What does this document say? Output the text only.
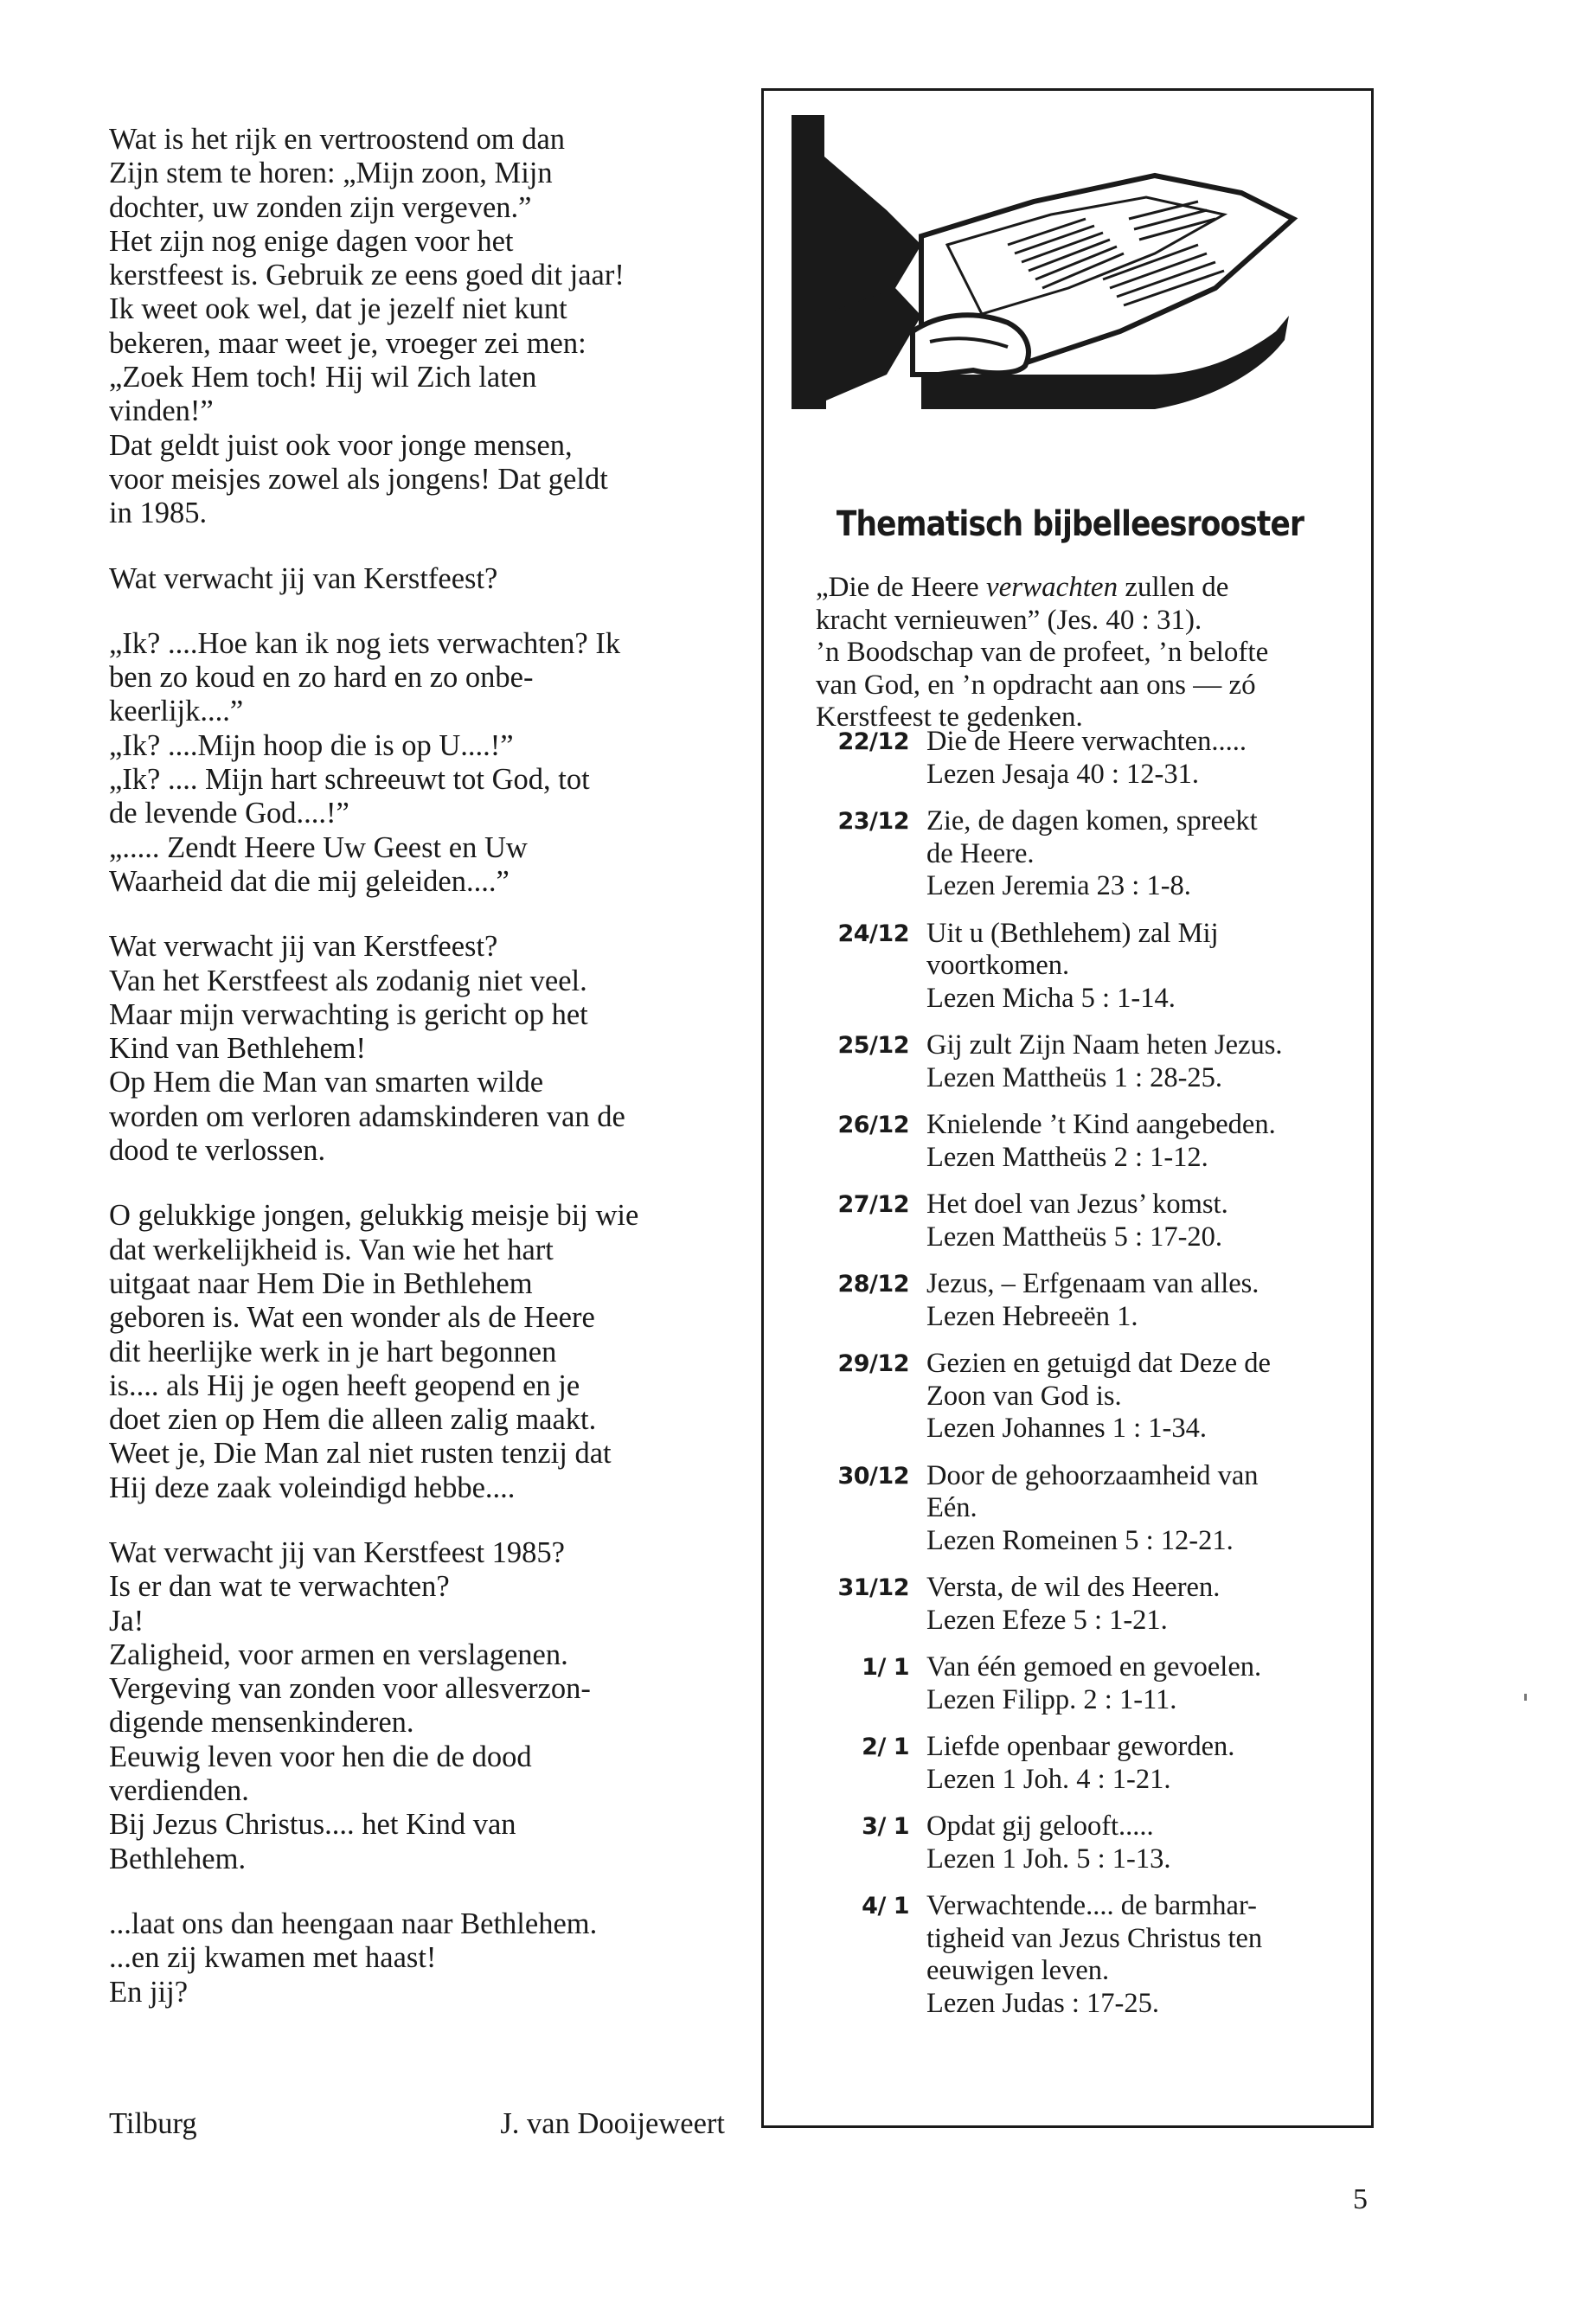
Wat is het rijk en vertroostend om dan
Zijn stem te horen: „Mijn zoon, Mijn
dochter, uw zonden zijn vergeven.”
Het zijn nog enige dagen voor het
kerstfeest is. Gebruik ze eens goed dit jaar!
Ik weet ook wel, dat je jezelf niet kunt
bekeren, maar weet je, vroeger zei men:
„Zoek Hem toch! Hij wil Zich laten
vinden!”
Dat geldt juist ook voor jonge mensen,
voor meisjes zowel als jongens! Dat geldt
in 1985.
Wat verwacht jij van Kerstfeest?
„Ik? ....Hoe kan ik nog iets verwachten? Ik
ben zo koud en zo hard en zo onbe-
keerlijk....”
„Ik? ....Mijn hoop die is op U....!”
„Ik? .... Mijn hart schreeuwt tot God, tot
de levende God....!”
„..... Zendt Heere Uw Geest en Uw
Waarheid dat die mij geleiden....”
Wat verwacht jij van Kerstfeest?
Van het Kerstfeest als zodanig niet veel.
Maar mijn verwachting is gericht op het
Kind van Bethlehem!
Op Hem die Man van smarten wilde
worden om verloren adamskinderen van de
dood te verlossen.
O gelukkige jongen, gelukkig meisje bij wie
dat werkelijkheid is. Van wie het hart
uitgaat naar Hem Die in Bethlehem
geboren is. Wat een wonder als de Heere
dit heerlijke werk in je hart begonnen
is.... als Hij je ogen heeft geopend en je
doet zien op Hem die alleen zalig maakt.
Weet je, Die Man zal niet rusten tenzij dat
Hij deze zaak voleindigd hebbe....
Wat verwacht jij van Kerstfeest 1985?
Is er dan wat te verwachten?
Ja!
Zaligheid, voor armen en verslagenen.
Vergeving van zonden voor allesverzon-
digende mensenkinderen.
Eeuwig leven voor hen die de dood
verdienden.
Bij Jezus Christus.... het Kind van
Bethlehem.
...laat ons dan heengaan naar Bethlehem.
...en zij kwamen met haast!
En jij?
Tilburg	J. van Dooijeweert
Thematisch bijbelleesrooster
„Die de Heere verwachten zullen de
kracht vernieuwen” (Jes. 40 : 31).
’n Boodschap van de profeet, ’n belofte
van God, en ’n opdracht aan ons — zó
Kerstfeest te gedenken.
22/12 Die de Heere verwachten.....
Lezen Jesaja 40 : 12-31.
23/12 Zie, de dagen komen, spreekt
de Heere.
Lezen Jeremia 23 : 1-8.
24/12 Uit u (Bethlehem) zal Mij
voortkomen.
Lezen Micha 5 : 1-14.
25/12 Gij zult Zijn Naam heten Jezus.
Lezen Mattheüs 1 : 28-25.
26/12 Knielende ’t Kind aangebeden.
Lezen Mattheüs 2 : 1-12.
27/12 Het doel van Jezus’ komst.
Lezen Mattheüs 5 : 17-20.
28/12 Jezus, – Erfgenaam van alles.
Lezen Hebreeën 1.
29/12 Gezien en getuigd dat Deze de
Zoon van God is.
Lezen Johannes 1 : 1-34.
30/12 Door de gehoorzaamheid van
Eén.
Lezen Romeinen 5 : 12-21.
31/12 Versta, de wil des Heeren.
Lezen Efeze 5 : 1-21.
1/ 1 Van één gemoed en gevoelen.
Lezen Filipp. 2 : 1-11.
2/ 1 Liefde openbaar geworden.
Lezen 1 Joh. 4 : 1-21.
3/ 1 Opdat gij gelooft.....
Lezen 1 Joh. 5 : 1-13.
4/ 1 Verwachtende.... de barmhar-
tigheid van Jezus Christus ten
eeuwigen leven.
Lezen Judas : 17-25.
5
